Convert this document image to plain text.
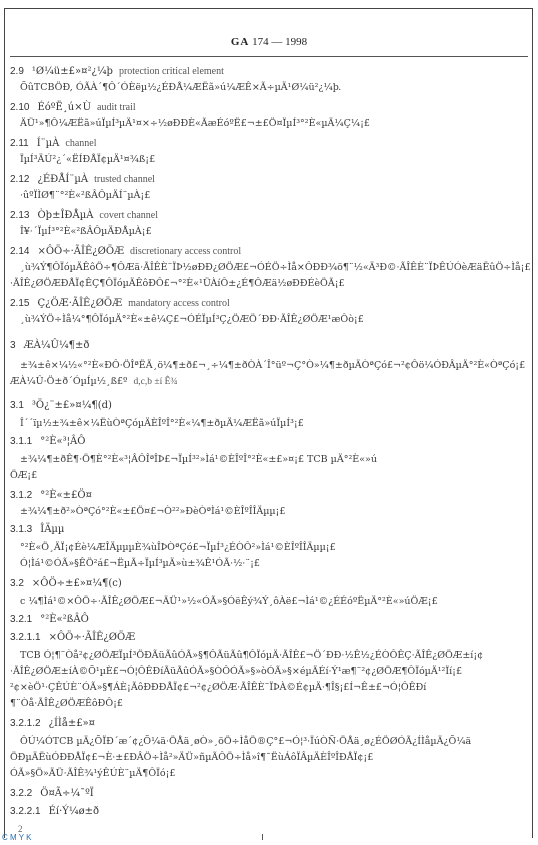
GA 174 — 1998
2.9 ¹Ø¼ü±£»¤²¿¼þ protection critical element
ÕûTCBÖÐ, ÓÃÀ´¶Ô´ÓÈëµ½¿ÉÐÅ¼ÆËã»ú¼ÆÊ×Ã÷µÄ¹Ø¼ü²¿¼þ.
2.10 ÉóºË¸ú×Ù audit trail
ÄÜ¹»¶Ô¼ÆËã»úÏµÍ³µÄ¹¤×÷½øÐÐÈ«ÃæÉóºË£¬±£Ö¤ÏµÍ³°²È«µÄ¼Ç¼¡£
2.11 Í¨µÀ channel
ÏµÍ³ÄÚ²¿´«ËÍÐÅÏ¢µÄ¹¤¾ß¡£
2.12 ¿ÉÐÅÍ¨µÀ trusted channel
·ûºÏÌØ¶¨°²È«²ßÂÔµÄÍ¨µÀ¡£
2.13 Òþ±ÎÐÅµÀ covert channel
Î¥·´ÏµÍ³°²È«²ßÂÔµÄÐÅµÀ¡£
2.14 ×ÔÖ÷·ÃÎÊ¿ØÖÆ discretionary access control
¸ù¾Ý¶ÔÏóµÄÊôÖ÷¶ÔÆä·ÃÎÊÈ¨ÏÞ½øÐÐ¿ØÖÆ£¬ÓÉÖ÷Ìå×ÔÐÐ¾ö¶¨½«Ä³Ð©·ÃÎÊÈ¨ÏÞÊÚÓèÆäËûÖ÷Ìå¡£
·ÃÎÊ¿ØÖÆÐÅÏ¢ÊÇ¶ÔÏóµÄÊôÐÔ£¬°²È«¹ÜÀíÔ±¿É¶ÔÆä½øÐÐÉèÖÃ¡£
2.15 Ç¿ÖÆ·ÃÎÊ¿ØÖÆ mandatory access control
¸ù¾ÝÖ÷Ìå¼°¶ÔÏóµÄ°²È«±ê¼Ç£¬ÓÉÏµÍ³Ç¿ÖÆÖ´ÐÐ·ÃÎÊ¿ØÖÆ¹æÔò¡£
3 ÆÀ¼Û¼¶±ð
±¾±ê×¼½«°²È«ÐÔ·ÖÎªËÄ¸ö¼¶±ð£¬¸÷¼¶±ðÒÀ´Î°üº¬Ç°Ò»¼¶±ðµÄÒªÇó£¬²¢Ôö¼ÓÐÂµÄ°²È«ÒªÇó¡£
ÆÀ¼Û·Ö±ð´ÓµÍµ½¸ß£º d,c,b ±í Ê¾
3.1 ³Ö¿¨±£»¤¼¶(d)
Î´´ïµ½±¾±ê×¼ËùÒªÇóµÄÈÎºÎ°²È«¼¶±ðµÄ¼ÆËã»úÏµÍ³¡£
3.1.1 °²È«³¦ÂÔ
±¾¼¶±ðÊ¶·Ö¶È°²È«³¦ÂÔÎªÎÞ£¬ÏµÍ³²»Ìá¹©ÈÎºÎ°²È«±£»¤¡£ TCB µÄ°²È«»ú
ÖÆ¡£
3.1.2 °²È«±£Ö¤
±¾¼¶±ð²»ÒªÇó°²È«±£Ö¤£¬Ò²²»ÐèÒªÌá¹©ÈÎºÎÎÄµµ¡£
3.1.3 ÎÄµµ
°²È«Ö¸ÄÏ¡¢Éè¼ÆÎÄµµµÈ¾ùÎÞÒªÇó£¬ÏµÍ³¿ÉÒÔ²»Ìá¹©ÈÎºÎÎÄµµ¡£
Ó¦Ìá¹©ÓÃ»§ÊÖ²á£¬ËµÃ÷ÏµÍ³µÄ»ù±¾Ê¹ÓÃ·½·¨¡£
3.2 ×ÔÖ÷±£»¤¼¶(c)
c ¼¶Ìá¹©×ÔÖ÷·ÃÎÊ¿ØÖÆ£¬ÄÜ¹»½«ÓÃ»§ÓëÊý¾Ý¸ôÀë£¬Ìá¹©¿ÉÉóºËµÄ°²È«»úÖÆ¡£
3.2.1 °²È«²ßÂÔ
3.2.1.1 ×ÔÖ÷·ÃÎÊ¿ØÖÆ
TCB Ó¦¶¨Òå²¢¿ØÖÆÏµÍ³ÖÐÃüÃûÓÃ»§¶ÔÃüÃû¶ÔÏóµÄ·ÃÎÊ£¬Ö´ÐÐ·½Ê½¿ÉÒÔÊÇ·ÃÎÊ¿ØÖÆ±í¡¢
·ÃÎÊ¿ØÖÆ±íÀ©Õ¹µÈ£¬Ó¦ÔÊÐíÃüÃûÓÃ»§ÒÔÓÃ»§»òÓÃ»§×éµÄÉí·Ý¹æ¶¨²¢¿ØÖÆ¶ÔÏóµÄ¹²Ïí¡£
²¢×èÖ¹·ÇÊÚÈ¨ÓÃ»§¶ÁÈ¡ÃôÐÐÐÅÏ¢£¬²¢¿ØÖÆ·ÃÎÊÈ¨ÏÞÀ©É¢µÄ·¶Î§¡£Í¬Ê±£¬Ó¦ÔÊÐí
¶¨Òå·ÃÎÊ¿ØÖÆÊôÐÔ¡£
3.2.1.2 ¿ÍÌå±£»¤
ÔÚ¼ÓTCB µÄ¿ÕÏÐ´æ´¢¿Õ¼ä·ÖÅä¸øÒ»¸öÖ÷ÌåÖ®Ç°£¬Ó¦³·ÏúÒÑ·ÖÅä¸ø¿ÉÖØÓÃ¿ÍÌåµÄ¿Õ¼ä
ÖÐµÄËùÓÐÐÅÏ¢£¬È·±£ÐÂÖ÷Ìå²»ÄÜ»ñµÃÔÖ÷Ìå»î¶¯ËùÁôÏÂµÄÈÎºÎÐÅÏ¢¡£
ÓÃ»§Ö»ÄÜ·ÃÎÊ¾¹ýÊÚÈ¨µÄ¶ÔÏó¡£
3.2.2 Ö¤Ã÷¼¯ºÏ
3.2.2.1 Éí·Ý¼ø±ð
2
C M Y K
